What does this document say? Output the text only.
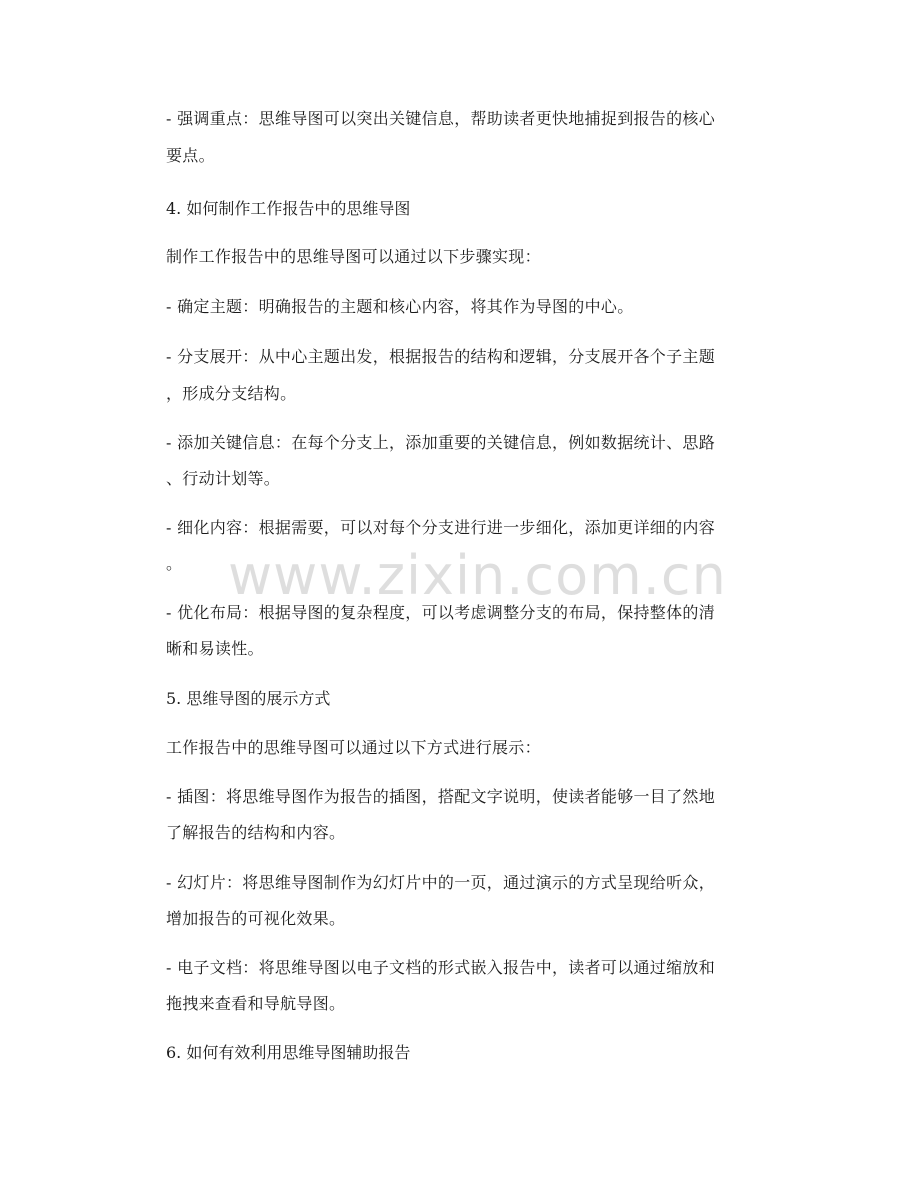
- 强调重点：思维导图可以突出关键信息，帮助读者更快地捕捉到报告的核心
要点。
4. 如何制作工作报告中的思维导图
制作工作报告中的思维导图可以通过以下步骤实现：
- 确定主题：明确报告的主题和核心内容，将其作为导图的中心。
- 分支展开：从中心主题出发，根据报告的结构和逻辑，分支展开各个子主题
，形成分支结构。
- 添加关键信息：在每个分支上，添加重要的关键信息，例如数据统计、思路
、行动计划等。
- 细化内容：根据需要，可以对每个分支进行进一步细化，添加更详细的内容
。
- 优化布局：根据导图的复杂程度，可以考虑调整分支的布局，保持整体的清
晰和易读性。
5. 思维导图的展示方式
工作报告中的思维导图可以通过以下方式进行展示：
- 插图：将思维导图作为报告的插图，搭配文字说明，使读者能够一目了然地
了解报告的结构和内容。
- 幻灯片：将思维导图制作为幻灯片中的一页，通过演示的方式呈现给听众，
增加报告的可视化效果。
- 电子文档：将思维导图以电子文档的形式嵌入报告中，读者可以通过缩放和
拖拽来查看和导航导图。
6. 如何有效利用思维导图辅助报告
www.zixin.com.cn
